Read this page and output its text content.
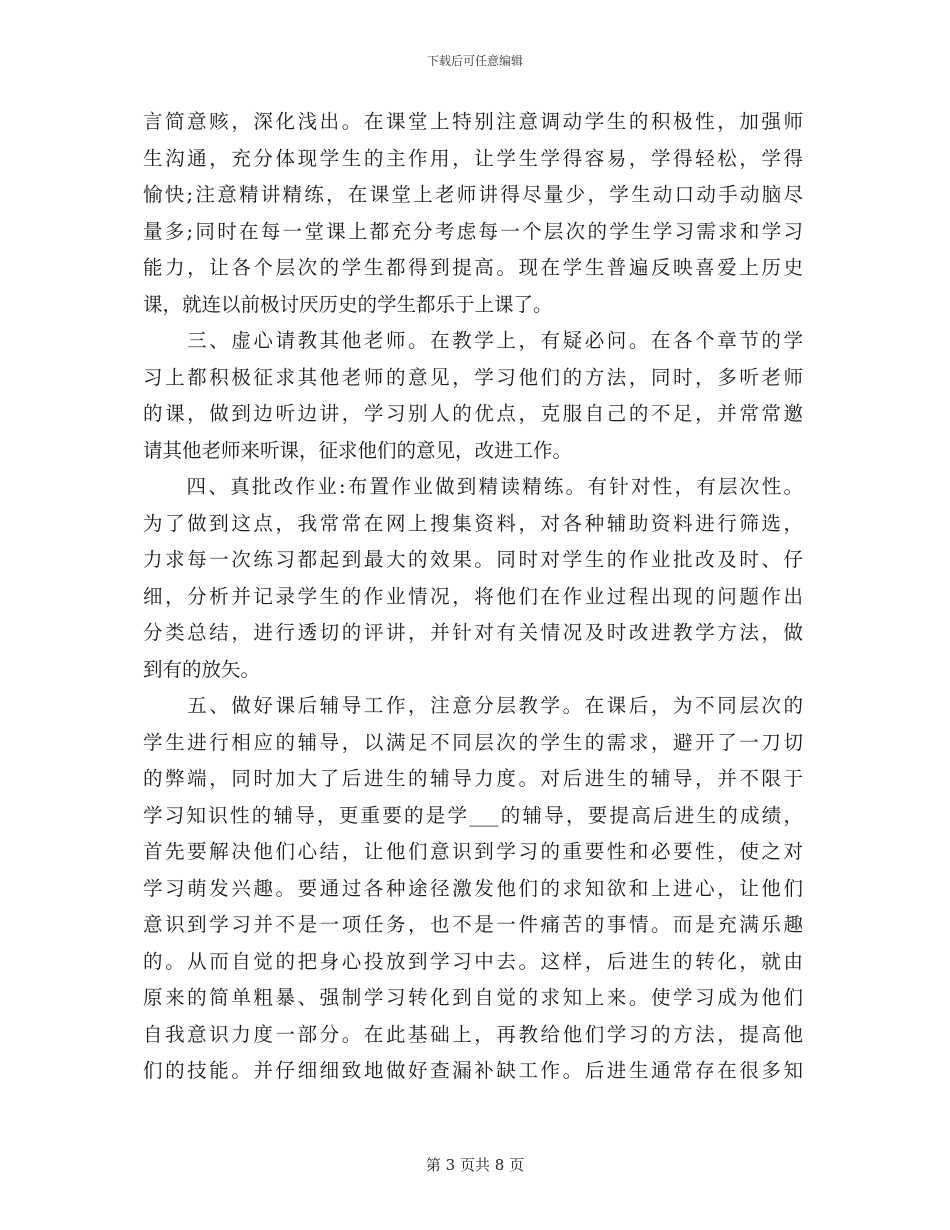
下载后可任意编辑
言简意赅，深化浅出。在课堂上特别注意调动学生的积极性，加强师
生沟通，充分体现学生的主作用，让学生学得容易，学得轻松，学得
愉快;注意精讲精练，在课堂上老师讲得尽量少，学生动口动手动脑尽
量多;同时在每一堂课上都充分考虑每一个层次的学生学习需求和学习
能力，让各个层次的学生都得到提高。现在学生普遍反映喜爱上历史
课，就连以前极讨厌历史的学生都乐于上课了。
　　三、虚心请教其他老师。在教学上，有疑必问。在各个章节的学
习上都积极征求其他老师的意见，学习他们的方法，同时，多听老师
的课，做到边听边讲，学习别人的优点，克服自己的不足，并常常邀
请其他老师来听课，征求他们的意见，改进工作。
　　四、真批改作业:布置作业做到精读精练。有针对性，有层次性。
为了做到这点，我常常在网上搜集资料，对各种辅助资料进行筛选，
力求每一次练习都起到最大的效果。同时对学生的作业批改及时、仔
细，分析并记录学生的作业情况，将他们在作业过程出现的问题作出
分类总结，进行透切的评讲，并针对有关情况及时改进教学方法，做
到有的放矢。
　　五、做好课后辅导工作，注意分层教学。在课后，为不同层次的
学生进行相应的辅导，以满足不同层次的学生的需求，避开了一刀切
的弊端，同时加大了后进生的辅导力度。对后进生的辅导，并不限于
学习知识性的辅导，更重要的是学___的辅导，要提高后进生的成绩，
首先要解决他们心结，让他们意识到学习的重要性和必要性，使之对
学习萌发兴趣。要通过各种途径激发他们的求知欲和上进心，让他们
意识到学习并不是一项任务，也不是一件痛苦的事情。而是充满乐趣
的。从而自觉的把身心投放到学习中去。这样，后进生的转化，就由
原来的简单粗暴、强制学习转化到自觉的求知上来。使学习成为他们
自我意识力度一部分。在此基础上，再教给他们学习的方法，提高他
们的技能。并仔细细致地做好查漏补缺工作。后进生通常存在很多知
第 3 页共 8 页
